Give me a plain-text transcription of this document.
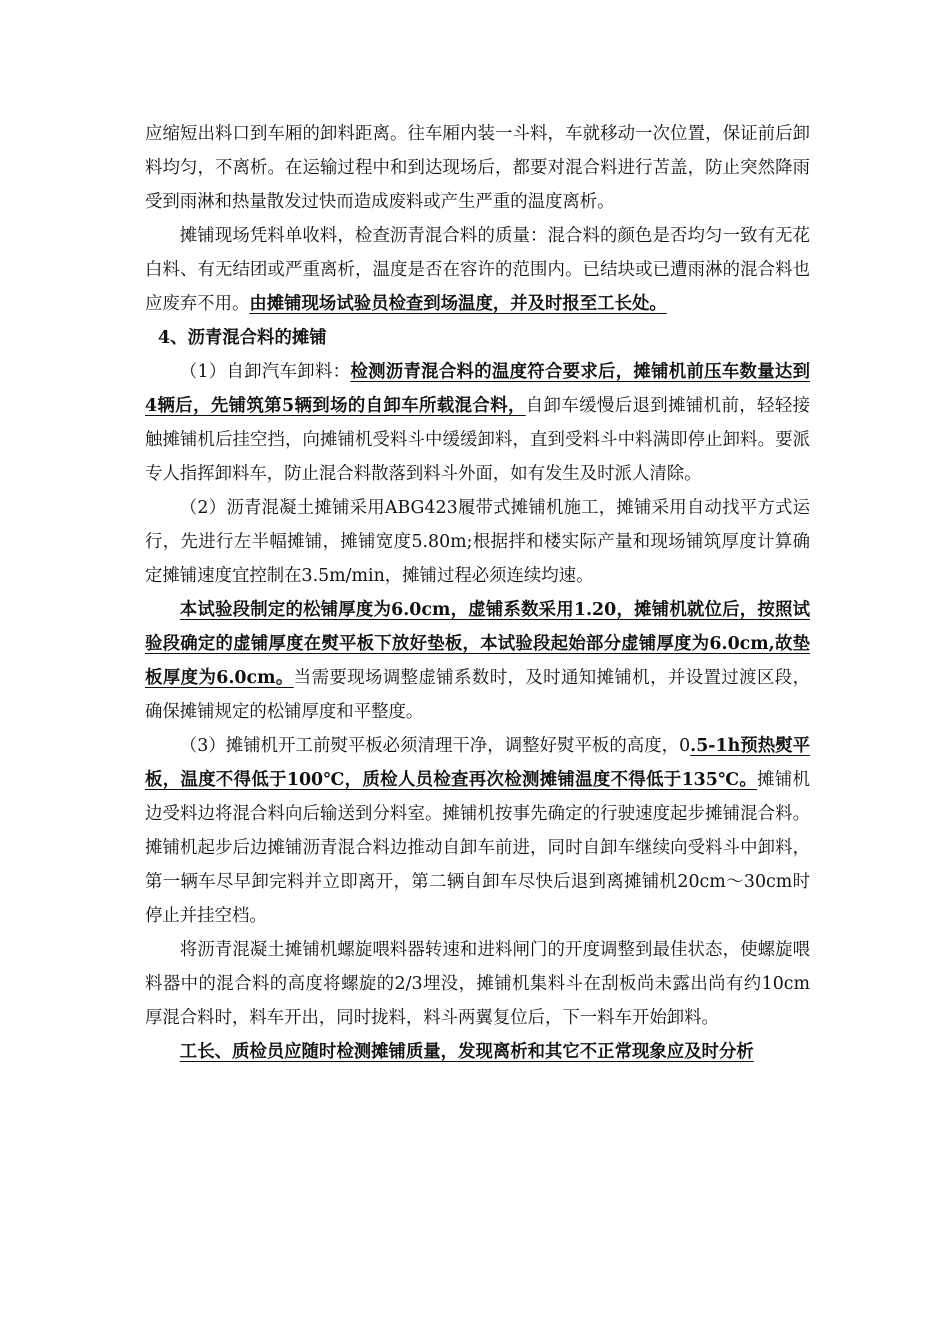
应缩短出料口到车厢的卸料距离。往车厢内装一斗料，车就移动一次位置，保证前后卸料均匀，不离析。在运输过程中和到达现场后，都要对混合料进行苫盖，防止突然降雨受到雨淋和热量散发过快而造成废料或产生严重的温度离析。

摊铺现场凭料单收料，检查沥青混合料的质量：混合料的颜色是否均匀一致有无花白料、有无结团或严重离析，温度是否在容许的范围内。已结块或已遭雨淋的混合料也应废弃不用。由摊铺现场试验员检查到场温度，并及时报至工长处。

4、沥青混合料的摊铺

（1）自卸汽车卸料：检测沥青混合料的温度符合要求后，摊铺机前压车数量达到4辆后，先铺筑第5辆到场的自卸车所载混合料，自卸车缓慢后退到摊铺机前，轻轻接触摊铺机后挂空挡，向摊铺机受料斗中缓缓卸料，直到受料斗中料满即停止卸料。要派专人指挥卸料车，防止混合料散落到料斗外面，如有发生及时派人清除。

（2）沥青混凝土摊铺采用ABG423履带式摊铺机施工，摊铺采用自动找平方式运行，先进行左半幅摊铺，摊铺宽度5.80m;根据拌和楼实际产量和现场铺筑厚度计算确定摊铺速度宜控制在3.5m/min，摊铺过程必须连续均速。

本试验段制定的松铺厚度为6.0cm，虚铺系数采用1.20，摊铺机就位后，按照试验段确定的虚铺厚度在熨平板下放好垫板，本试验段起始部分虚铺厚度为6.0cm,故垫板厚度为6.0cm。当需要现场调整虚铺系数时，及时通知摊铺机，并设置过渡区段，确保摊铺规定的松铺厚度和平整度。

（3）摊铺机开工前熨平板必须清理干净，调整好熨平板的高度，0.5-1h预热熨平板，温度不得低于100℃，质检人员检查再次检测摊铺温度不得低于135℃。摊铺机边受料边将混合料向后输送到分料室。摊铺机按事先确定的行驶速度起步摊铺混合料。摊铺机起步后边摊铺沥青混合料边推动自卸车前进，同时自卸车继续向受料斗中卸料，第一辆车尽早卸完料并立即离开，第二辆自卸车尽快后退到离摊铺机20cm～30cm时停止并挂空档。

将沥青混凝土摊铺机螺旋喂料器转速和进料闸门的开度调整到最佳状态，使螺旋喂料器中的混合料的高度将螺旋的2/3埋没，摊铺机集料斗在刮板尚未露出尚有约10cm厚混合料时，料车开出，同时拢料，料斗两翼复位后，下一料车开始卸料。

工长、质检员应随时检测摊铺质量，发现离析和其它不正常现象应及时分析
